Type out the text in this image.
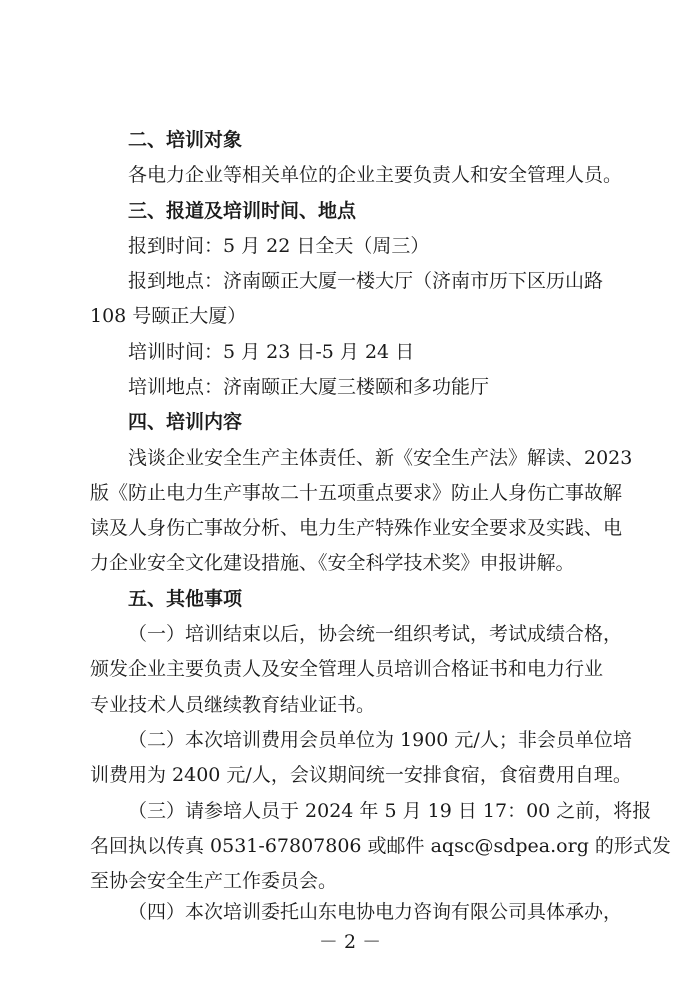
二、培训对象
各电力企业等相关单位的企业主要负责人和安全管理人员。
三、报道及培训时间、地点
报到时间：5 月 22 日全天（周三）
报到地点：济南颐正大厦一楼大厅（济南市历下区历山路
108 号颐正大厦）
培训时间：5 月 23 日-5 月 24 日
培训地点：济南颐正大厦三楼颐和多功能厅
四、培训内容
浅谈企业安全生产主体责任、新《安全生产法》解读、2023
版《防止电力生产事故二十五项重点要求》防止人身伤亡事故解
读及人身伤亡事故分析、电力生产特殊作业安全要求及实践、电
力企业安全文化建设措施、《安全科学技术奖》申报讲解。
五、其他事项
（一）培训结束以后，协会统一组织考试，考试成绩合格，
颁发企业主要负责人及安全管理人员培训合格证书和电力行业
专业技术人员继续教育结业证书。
（二）本次培训费用会员单位为 1900 元/人；非会员单位培
训费用为 2400 元/人，会议期间统一安排食宿，食宿费用自理。
（三）请参培人员于 2024 年 5 月 19 日 17：00 之前，将报
名回执以传真 0531-67807806 或邮件 aqsc@sdpea.org 的形式发
至协会安全生产工作委员会。
（四）本次培训委托山东电协电力咨询有限公司具体承办，
－ 2 －
